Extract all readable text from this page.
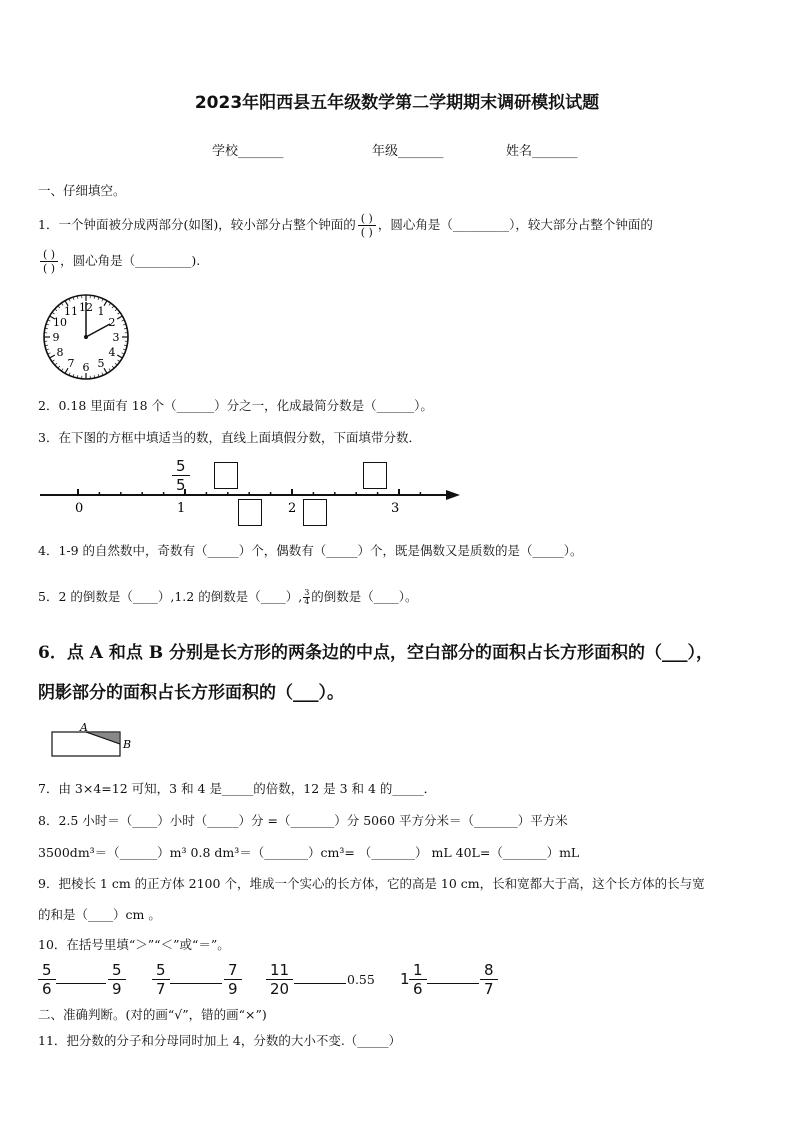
2023年阳西县五年级数学第二学期期末调研模拟试题
学校_______	年级_______	姓名_______
一、仔细填空。
1．一个钟面被分成两部分(如图)，较小部分占整个钟面的 $\frac{( )}{( )}$ ，圆心角是（_________），较大部分占整个钟面的
$\frac{( )}{( )}$ ，圆心角是（_________).
11
10
9
8
7 6 5
4
3
2
1
12
2．0.18 里面有 18 个（______）分之一，化成最简分数是（______）。
3．在下图的方框中填适当的数，直线上面填假分数，下面填带分数．
$\frac{5}{5}$
0	1	2	3
4．1-9 的自然数中，奇数有（_____）个，偶数有（_____）个，既是偶数又是质数的是（_____）。
5．2 的倒数是（____）,1.2 的倒数是（____）, $\frac{3}{4}$ 的倒数是（____）。
6．点 A 和点 B 分别是长方形的两条边的中点，空白部分的面积占长方形面积的（___），
阴影部分的面积占长方形面积的（___）。
A
B
7．由 3×4=12 可知，3 和 4 是_____的倍数，12 是 3 和 4 的_____．
8．2.5 小时＝（____）小时（_____）分 =（_______）分 5060 平方分米＝（_______）平方米
3500dm³＝（______）m³ 0.8 dm³＝（_______）cm³= （_______） mL 40L=（_______）mL
9．把棱长 1 cm 的正方体 2100 个，堆成一个实心的长方体，它的高是 10 cm，长和宽都大于高，这个长方体的长与宽
的和是（____）cm 。
10．在括号里填“＞”“＜”或“＝”。
$\frac{5}{6}$	$\frac{5}{9} \frac{5}{7}$	$\frac{7}{9} \frac{11}{20}$	0.55 $1 \frac{1}{6}$	$\frac{8}{7}$
二、准确判断。(对的画“√”，错的画“×”)
11．把分数的分子和分母同时加上 4，分数的大小不变.（_____）
